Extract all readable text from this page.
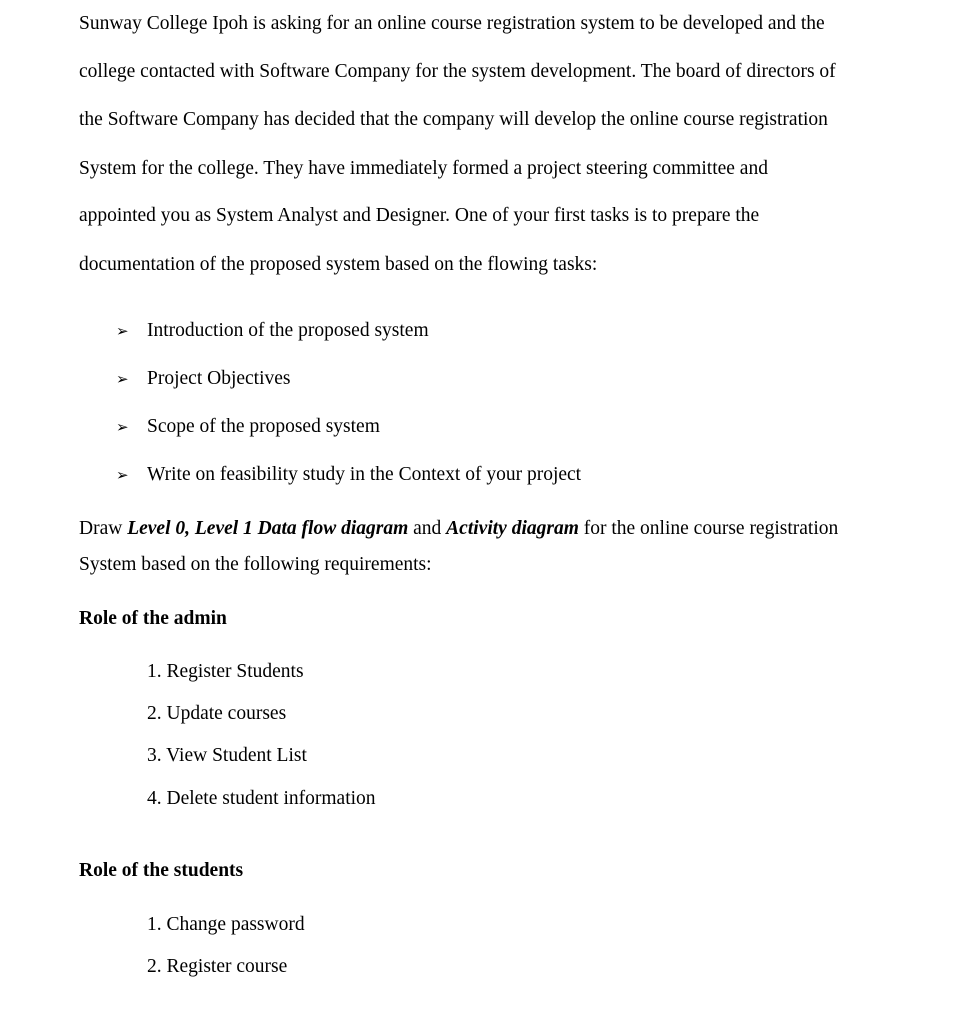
Sunway College Ipoh is asking for an online course registration system to be developed and the
college contacted with Software Company for the system development. The board of directors of
the Software Company has decided that the company will develop the online course registration
System for the college. They have immediately formed a project steering committee and
appointed you as System Analyst and Designer. One of your first tasks is to prepare the
documentation of the proposed system based on the flowing tasks:
➢ Introduction of the proposed system
➢ Project Objectives
➢ Scope of the proposed system
➢ Write on feasibility study in the Context of your project
Draw Level 0, Level 1 Data flow diagram and Activity diagram for the online course registration
System based on the following requirements:
Role of the admin
1. Register Students
2. Update courses
3. View Student List
4. Delete student information
Role of the students
1. Change password
2. Register course
